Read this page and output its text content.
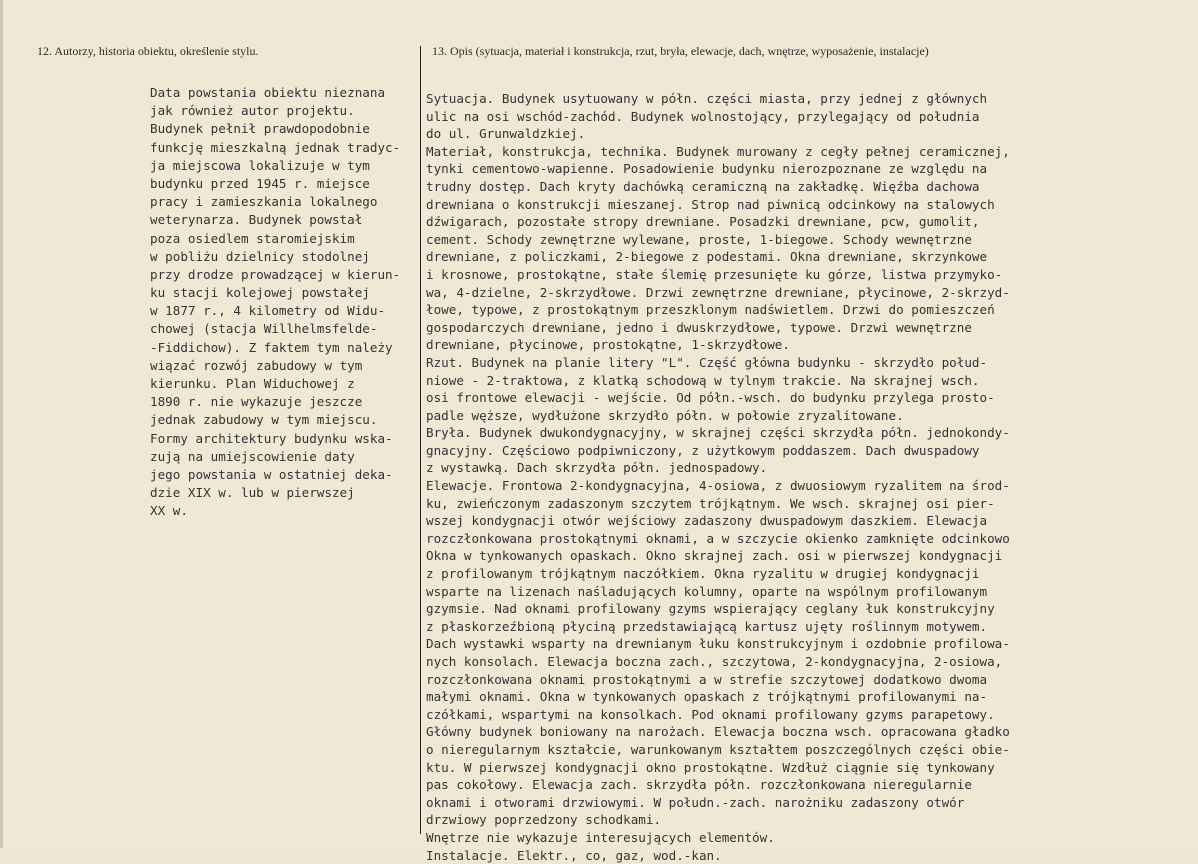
12. Autorzy, historia obiektu, określenie stylu.	13. Opis (sytuacja, materiał i konstrukcja, rzut, bryła, elewacje, dach, wnętrze, wyposażenie, instalacje)
Data powstania obiektu nieznana
jak również autor projektu.
Budynek pełnił prawdopodobnie
funkcję mieszkalną jednak tradyc-
ja miejscowa lokalizuje w tym
budynku przed 1945 r. miejsce
pracy i zamieszkania lokalnego
weterynarza. Budynek powstał
poza osiedlem staromiejskim
w pobliżu dzielnicy stodolnej
przy drodze prowadzącej w kierun-
ku stacji kolejowej powstałej
w 1877 r., 4 kilometry od Widu-
chowej (stacja Willhelmsfelde-
-Fiddichow). Z faktem tym należy
wiązać rozwój zabudowy w tym
kierunku. Plan Widuchowej z
1890 r. nie wykazuje jeszcze
jednak zabudowy w tym miejscu.
Formy architektury budynku wska-
zują na umiejscowienie daty
jego powstania w ostatniej deka-
dzie XIX w. lub w pierwszej
XX w.
Sytuacja. Budynek usytuowany w półn. części miasta, przy jednej z głównych
ulic na osi wschód-zachód. Budynek wolnostojący, przylegający od południa
do ul. Grunwaldzkiej.
Materiał, konstrukcja, technika. Budynek murowany z cegły pełnej ceramicznej,
tynki cementowo-wapienne. Posadowienie budynku nierozpoznane ze względu na
trudny dostęp. Dach kryty dachówką ceramiczną na zakładkę. Więźba dachowa
drewniana o konstrukcji mieszanej. Strop nad piwnicą odcinkowy na stalowych
dźwigarach, pozostałe stropy drewniane. Posadzki drewniane, pcw, gumolit,
cement. Schody zewnętrzne wylewane, proste, 1-biegowe. Schody wewnętrzne
drewniane, z policzkami, 2-biegowe z podestami. Okna drewniane, skrzynkowe
i krosnowe, prostokątne, stałe ślemię przesunięte ku górze, listwa przymyko-
wa, 4-dzielne, 2-skrzydłowe. Drzwi zewnętrzne drewniane, płycinowe, 2-skrzyd-
łowe, typowe, z prostokątnym przeszklonym nadświetlem. Drzwi do pomieszczeń
gospodarczych drewniane, jedno i dwuskrzydłowe, typowe. Drzwi wewnętrzne
drewniane, płycinowe, prostokątne, 1-skrzydłowe.
Rzut. Budynek na planie litery "L". Część główna budynku - skrzydło połud-
niowe - 2-traktowa, z klatką schodową w tylnym trakcie. Na skrajnej wsch.
osi frontowe elewacji - wejście. Od półn.-wsch. do budynku przylega prosto-
padle węższe, wydłużone skrzydło półn. w połowie zryzalitowane.
Bryła. Budynek dwukondygnacyjny, w skrajnej części skrzydła półn. jednokondy-
gnacyjny. Częściowo podpiwniczony, z użytkowym poddaszem. Dach dwuspadowy
z wystawką. Dach skrzydła półn. jednospadowy.
Elewacje. Frontowa 2-kondygnacyjna, 4-osiowa, z dwuosiowym ryzalitem na środ-
ku, zwieńczonym zadaszonym szczytem trójkątnym. We wsch. skrajnej osi pier-
wszej kondygnacji otwór wejściowy zadaszony dwuspadowym daszkiem. Elewacja
rozczłonkowana prostokątnymi oknami, a w szczycie okienko zamknięte odcinkowo
Okna w tynkowanych opaskach. Okno skrajnej zach. osi w pierwszej kondygnacji
z profilowanym trójkątnym naczółkiem. Okna ryzalitu w drugiej kondygnacji
wsparte na lizenach naśladujących kolumny, oparte na wspólnym profilowanym
gzymsie. Nad oknami profilowany gzyms wspierający ceglany łuk konstrukcyjny
z płaskorzeźbioną płyciną przedstawiającą kartusz ujęty roślinnym motywem.
Dach wystawki wsparty na drewnianym łuku konstrukcyjnym i ozdobnie profilowa-
nych konsolach. Elewacja boczna zach., szczytowa, 2-kondygnacyjna, 2-osiowa,
rozczłonkowana oknami prostokątnymi a w strefie szczytowej dodatkowo dwoma
małymi oknami. Okna w tynkowanych opaskach z trójkątnymi profilowanymi na-
czółkami, wspartymi na konsolkach. Pod oknami profilowany gzyms parapetowy.
Główny budynek boniowany na narożach. Elewacja boczna wsch. opracowana gładko
o nieregularnym kształcie, warunkowanym kształtem poszczególnych części obie-
ktu. W pierwszej kondygnacji okno prostokątne. Wzdłuż ciągnie się tynkowany
pas cokołowy. Elewacja zach. skrzydła półn. rozczłonkowana nieregularnie
oknami i otworami drzwiowymi. W połudn.-zach. narożniku zadaszony otwór
drzwiowy poprzedzony schodkami.
Wnętrze nie wykazuje interesujących elementów.
Instalacje. Elektr., co, gaz, wod.-kan.
